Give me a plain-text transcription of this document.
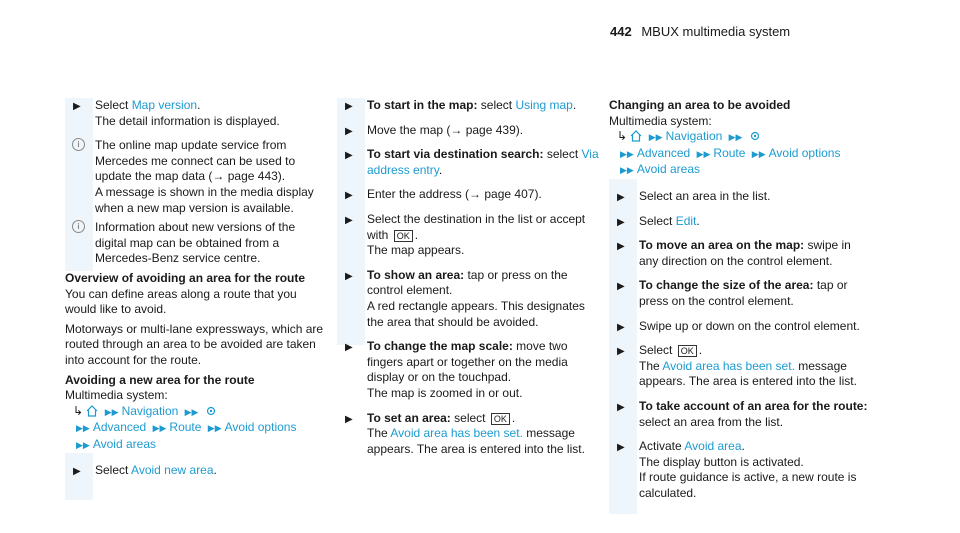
442 MBUX multimedia system
▶ Select Map version.
The detail information is displayed.
i	The online map update service from Mercedes me connect can be used to update the map data (→ page 443).
A message is shown in the media display when a new map version is available.
i	Information about new versions of the digital map can be obtained from a Mercedes-Benz service centre.

Overview of avoiding an area for the route

You can define areas along a route that you would like to avoid.

Motorways or multi-lane expressways, which are routed through an area to be avoided are taken into account for the route.

Avoiding a new area for the route

Multimedia system:

↳ ▶▶ Navigation ▶▶
▶▶ Advanced ▶▶ Route ▶▶ Avoid options
▶▶ Avoid areas
▶ Select Avoid new area.
▶ To start in the map: select Using map.
▶ Move the map (→ page 439).
▶ To start via destination search: select Via address entry.
▶ Enter the address (→ page 407).
▶ Select the destination in the list or accept with OK .
The map appears.
▶ To show an area: tap or press on the control element.
A red rectangle appears. This designates the area that should be avoided.
▶ To change the map scale: move two fingers apart or together on the media display or on the touchpad.
The map is zoomed in or out.
▶ To set an area: select OK .
The Avoid area has been set. message appears. The area is entered into the list.

Changing an area to be avoided

Multimedia system:

↳ ▶▶ Navigation ▶▶
▶▶ Advanced ▶▶ Route ▶▶ Avoid options
▶▶ Avoid areas
▶ Select an area in the list.
▶ Select Edit.
▶ To move an area on the map: swipe in any direction on the control element.
▶ To change the size of the area: tap or press on the control element.
▶ Swipe up or down on the control element.
▶ Select OK .
The Avoid area has been set. message appears. The area is entered into the list.
▶ To take account of an area for the route: select an area from the list.
▶ Activate Avoid area.
The display button is activated.
If route guidance is active, a new route is calculated.
